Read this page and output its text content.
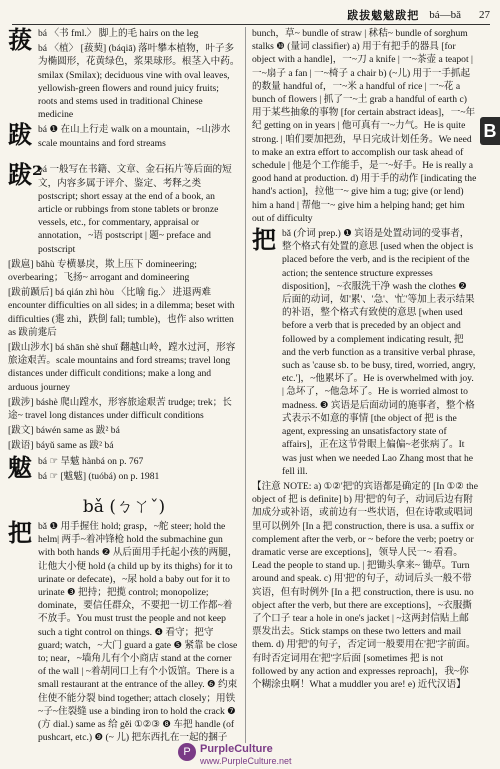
跋拔魃魃跋把 bá—bǎ 27
菝 bá 〈书 fml.〉 脚上的毛 hairs on the leg
bá 〈植〉 [菝葜] (báqiā) 落叶攀本植物，叶子多为椭圆形，花黄绿色，浆果球形。根茎入中药。smilax (Smilax); deciduous vine with oval leaves, yellowish-green flowers and round juicy fruits; roots and stems used in traditional Chinese medicine
跋 bá ❶ 在山上行走 walk on a mountain，~山涉水 scale mountains and ford streams
跋²
bá 一般写在书籍、文章、金石拓片等后面的短文，内容多属于评介、鉴定、考释之类 postscript; short essay at the end of a book, an article or rubbings from stone tablets or bronze vessels, etc., for commentary, appraisal or annotation，~语 postscript | 题~ preface and postscript
[跋扈] bǎhù 专横暴戾，欺上压下 domineering; overbearing；飞扬~ arrogant and domineering
[跋前踬后] bá qián zhì hòu 〈比喻 fig.〉 进退两难 encounter difficulties on all sides; in a dilemma; beset with difficulties (疐 zhì，跌倒 fall; tumble)，也作 also written as 跋前疐后
[跋山涉水] bá shān shè shuǐ 翻越山岭，蹚水过河，形容旅途艰苦。scale mountains and ford streams; travel long distances under difficult conditions; make a long and arduous journey
[跋涉] báshè 爬山蹚水，形容旅途艰苦 trudge; trek；长途~ travel long distances under difficult conditions
[跋文] báwén same as 跋² bá
[跋语] báyǔ same as 跋² bá
魃 bá ☞ 旱魃 hànbá on p. 767
bá ☞ [魃魃] (tuóbá) on p. 1981
bǎ (ㄅㄚˇ)
把 bǎ ❶ 用手握住 hold; grasp，~舵 steer; hold the helm| 两手~着冲锋枪 hold the submachine gun with both hands ❷ 从后面用手托起小孩的两腿，让他大小便 hold (a child up by its thighs) for it to urinate or defecate)，~尿 hold a baby out for it to urinate ❸ 把持；把揽 control; monopolize; dominate，要信任群众，不要把一切工作都~着不放手。You must trust the people and not keep such a tight control on things. ❹ 看守；把守 guard; watch，~大门 guard a gate ❺ 紧靠 be close to; near，~墙角儿有个小商店 stand at the corner of the wall | ~着胡同口上有个小饭馆。There is a small restaurant at the entrance of the alley. ❻ 约束住使不能分裂 bind together; attach closely；用铁~子~住裂缝 use a binding iron to hold the crack ❼ (方 dial.) same as 给 gěi ①②③ ❽ 车把 handle (of pushcart, etc.) ❾ (~ 儿) 把东西扎在一起的捆子
bunch，草~ bundle of straw | 秫秸~ bundle of sorghum stalks ❿ (量词 classifier) a) 用于有把手的器具 [for object with a handle]，一~刀 a knife | 一~茶壶 a teapot | 一~扇子 a fan | 一~椅子 a chair b) (~儿) 用于一手抓起的数量 handful of，一~米 a handful of rice | 一~花 a bunch of flowers | 抓了一~土 grab a handful of earth c) 用于某些抽象的事物 [for certain abstract ideas]，一~年纪 getting on in years | 他可真有一~力气。He is quite strong. | 咱们要加把劲，早日完成计划任务。We need to make an extra effort to accomplish our task ahead of schedule | 他是个工作能手，是一~好手。He is really a good hand at production. d) 用于手的动作 [indicating the hand's action]，拉他一~ give him a tug; give (or lend) him a hand | 帮他一~ give him a helping hand; get him out of difficulty
把 bǎ (介词 prep.) ❶ 宾语是处置动词的受事者，整个格式有处置的意思 [used when the object is placed before the verb, and is the recipient of the action; the sentence structure expresses disposition]，~衣服洗干净 wash the clothes ❷ 后面的动词，如'累'、'急'、'忙'等加上表示结果的补语，整个格式有致使的意思 [when used before a verb that is preceded by an object and followed by a complement indicating result, 把 and the verb function as a transitive verbal phrase, such as 'cause sb. to be busy, tired, worried, angry, etc.']，~他累坏了。He is overwhelmed with joy. | 急坏了，~他急坏了。He is worried almost to madness. ❸ 宾语是后面动词的施事者，整个格式表示不如意的事情 [the object of 把 is the agent, expressing an unsatisfactory state of affairs]，正在这节骨眼上偏偏~老张病了。It was just when we needed Lao Zhang most that he fell ill.
【注意 NOTE: a) ①②'把'的宾语都是确定的 [In ①② the object of 把 is definite] b) 用'把'的句子，动词后边有附加成分或补语，或前边有一些状语，但在诗歌或唱词里可以例外 [In a 把 construction, there is usa. a suffix or complement after the verb, or ~ before the verb; poetry or dramatic verse are exceptions]，领导人民一~ 看看。Lead the people to stand up. | 把锄头拿来~ 锄草。Turn around and speak. c) 用'把'的句子，动词后头一般不带宾语，但有时例外 [In a 把 construction, there is usu. no object after the verb, but there are exceptions]，~衣服撕了个口子 tear a hole in one's jacket | ~这两封信贴上邮票发出去。Stick stamps on these two letters and mail them. d) 用'把'的句子，否定词一般要用在'把'字前面。有时否定词用在'把'字后面 [sometimes 把 is not followed by any action and expresses reproach]，我~你个糊涂虫啊！What a muddler you are! e) 近代汉语】
B
P PurpleCulture
www.PurpleCulture.net
